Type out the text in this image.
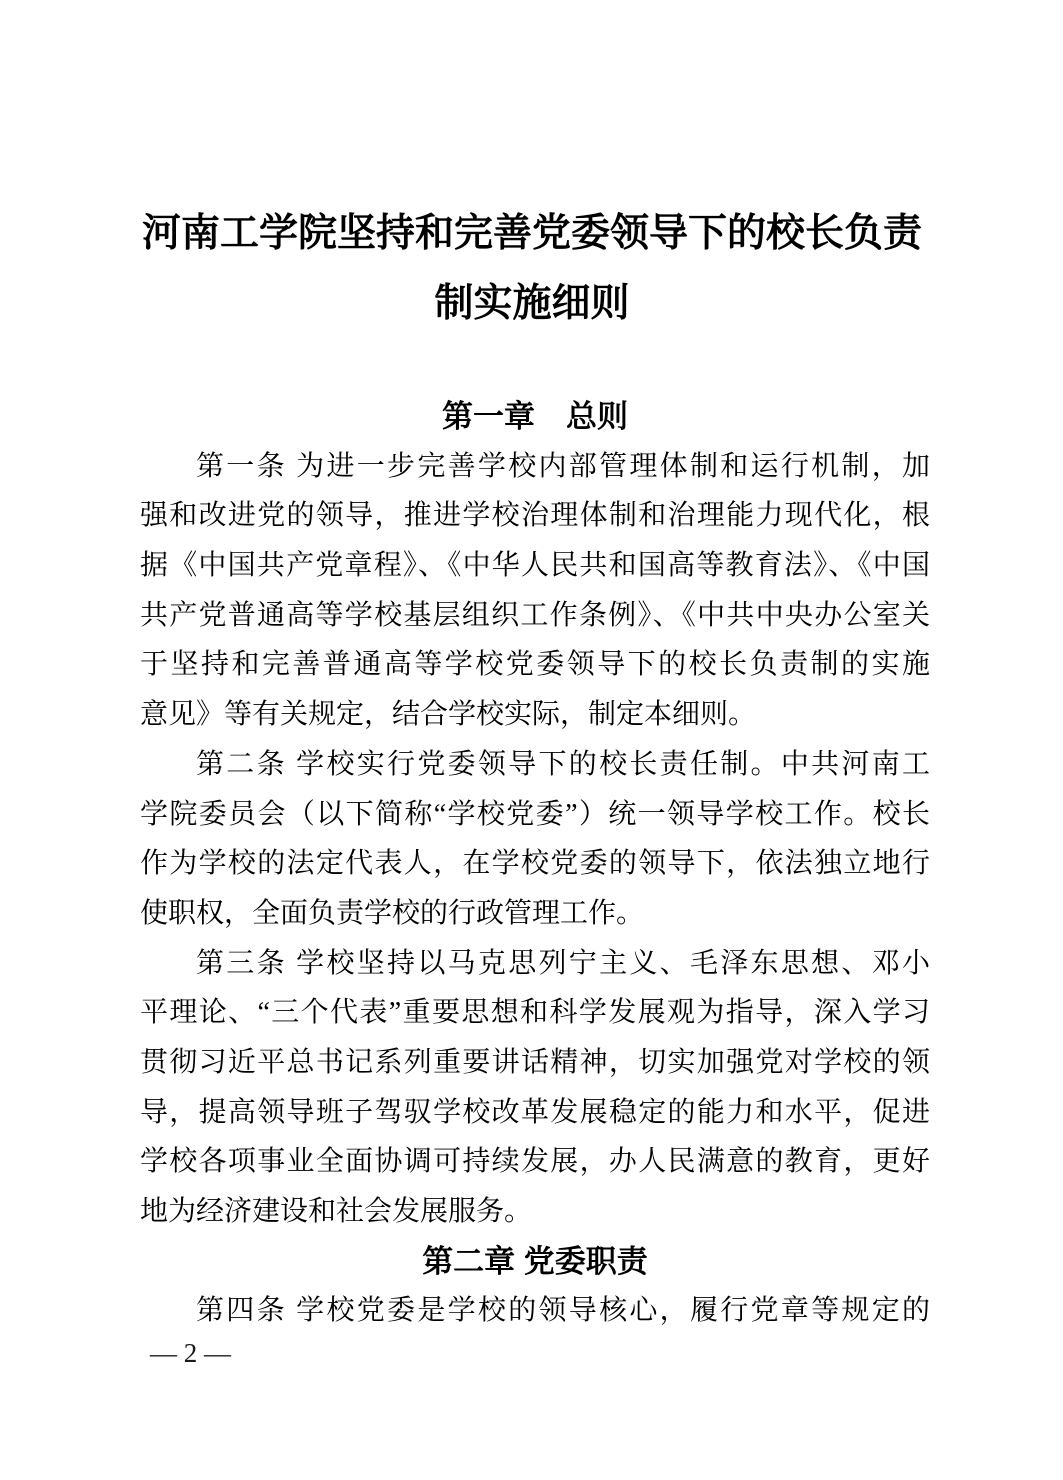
河南工学院坚持和完善党委领导下的校长负责
制实施细则
第一章　总则
第一条 为进一步完善学校内部管理体制和运行机制，加
强和改进党的领导，推进学校治理体制和治理能力现代化，根
据《中国共产党章程》、《中华人民共和国高等教育法》、《中国
共产党普通高等学校基层组织工作条例》、《中共中央办公室关
于坚持和完善普通高等学校党委领导下的校长负责制的实施
意见》等有关规定，结合学校实际，制定本细则。
第二条 学校实行党委领导下的校长责任制。中共河南工
学院委员会（以下简称“学校党委”）统一领导学校工作。校长
作为学校的法定代表人，在学校党委的领导下，依法独立地行
使职权，全面负责学校的行政管理工作。
第三条 学校坚持以马克思列宁主义、毛泽东思想、邓小
平理论、“三个代表”重要思想和科学发展观为指导，深入学习
贯彻习近平总书记系列重要讲话精神，切实加强党对学校的领
导，提高领导班子驾驭学校改革发展稳定的能力和水平，促进
学校各项事业全面协调可持续发展，办人民满意的教育，更好
地为经济建设和社会发展服务。
第二章 党委职责
第四条 学校党委是学校的领导核心，履行党章等规定的
— 2 —
